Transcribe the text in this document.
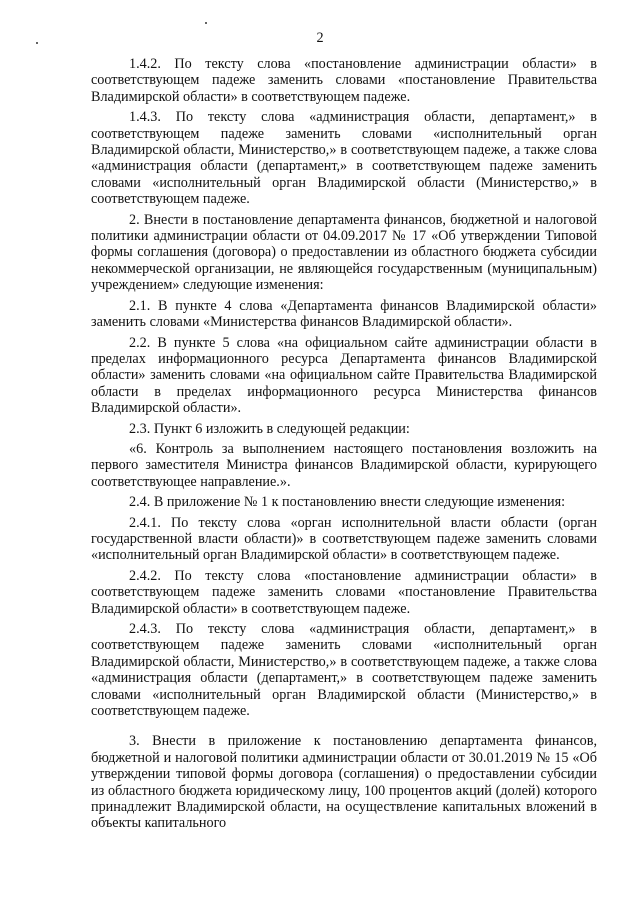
2

1.4.2. По тексту слова «постановление администрации области» в соответствующем падеже заменить словами «постановление Правительства Владимирской области» в соответствующем падеже.

1.4.3. По тексту слова «администрация области, департамент,» в соответствующем падеже заменить словами «исполнительный орган Владимирской области, Министерство,» в соответствующем падеже, а также слова «администрация области (департамент,» в соответствующем падеже заменить словами «исполнительный орган Владимирской области (Министерство,» в соответствующем падеже.

2. Внести в постановление департамента финансов, бюджетной и налоговой политики администрации области от 04.09.2017 № 17 «Об утверждении Типовой формы соглашения (договора) о предоставлении из областного бюджета субсидии некоммерческой организации, не являющейся государственным (муниципальным) учреждением» следующие изменения:

2.1. В пункте 4 слова «Департамента финансов Владимирской области» заменить словами «Министерства финансов Владимирской области».

2.2. В пункте 5 слова «на официальном сайте администрации области в пределах информационного ресурса Департамента финансов Владимирской области» заменить словами «на официальном сайте Правительства Владимирской области в пределах информационного ресурса Министерства финансов Владимирской области».

2.3. Пункт 6 изложить в следующей редакции:

«6. Контроль за выполнением настоящего постановления возложить на первого заместителя Министра финансов Владимирской области, курирующего соответствующее направление.».

2.4. В приложение № 1 к постановлению внести следующие изменения:

2.4.1. По тексту слова «орган исполнительной власти области (орган государственной власти области)» в соответствующем падеже заменить словами «исполнительный орган Владимирской области» в соответствующем падеже.

2.4.2. По тексту слова «постановление администрации области» в соответствующем падеже заменить словами «постановление Правительства Владимирской области» в соответствующем падеже.

2.4.3. По тексту слова «администрация области, департамент,» в соответствующем падеже заменить словами «исполнительный орган Владимирской области, Министерство,» в соответствующем падеже, а также слова «администрация области (департамент,» в соответствующем падеже заменить словами «исполнительный орган Владимирской области (Министерство,» в соответствующем падеже.

3. Внести в приложение к постановлению департамента финансов, бюджетной и налоговой политики администрации области от 30.01.2019 № 15 «Об утверждении типовой формы договора (соглашения) о предоставлении субсидии из областного бюджета юридическому лицу, 100 процентов акций (долей) которого принадлежит Владимирской области, на осуществление капитальных вложений в объекты капитального
